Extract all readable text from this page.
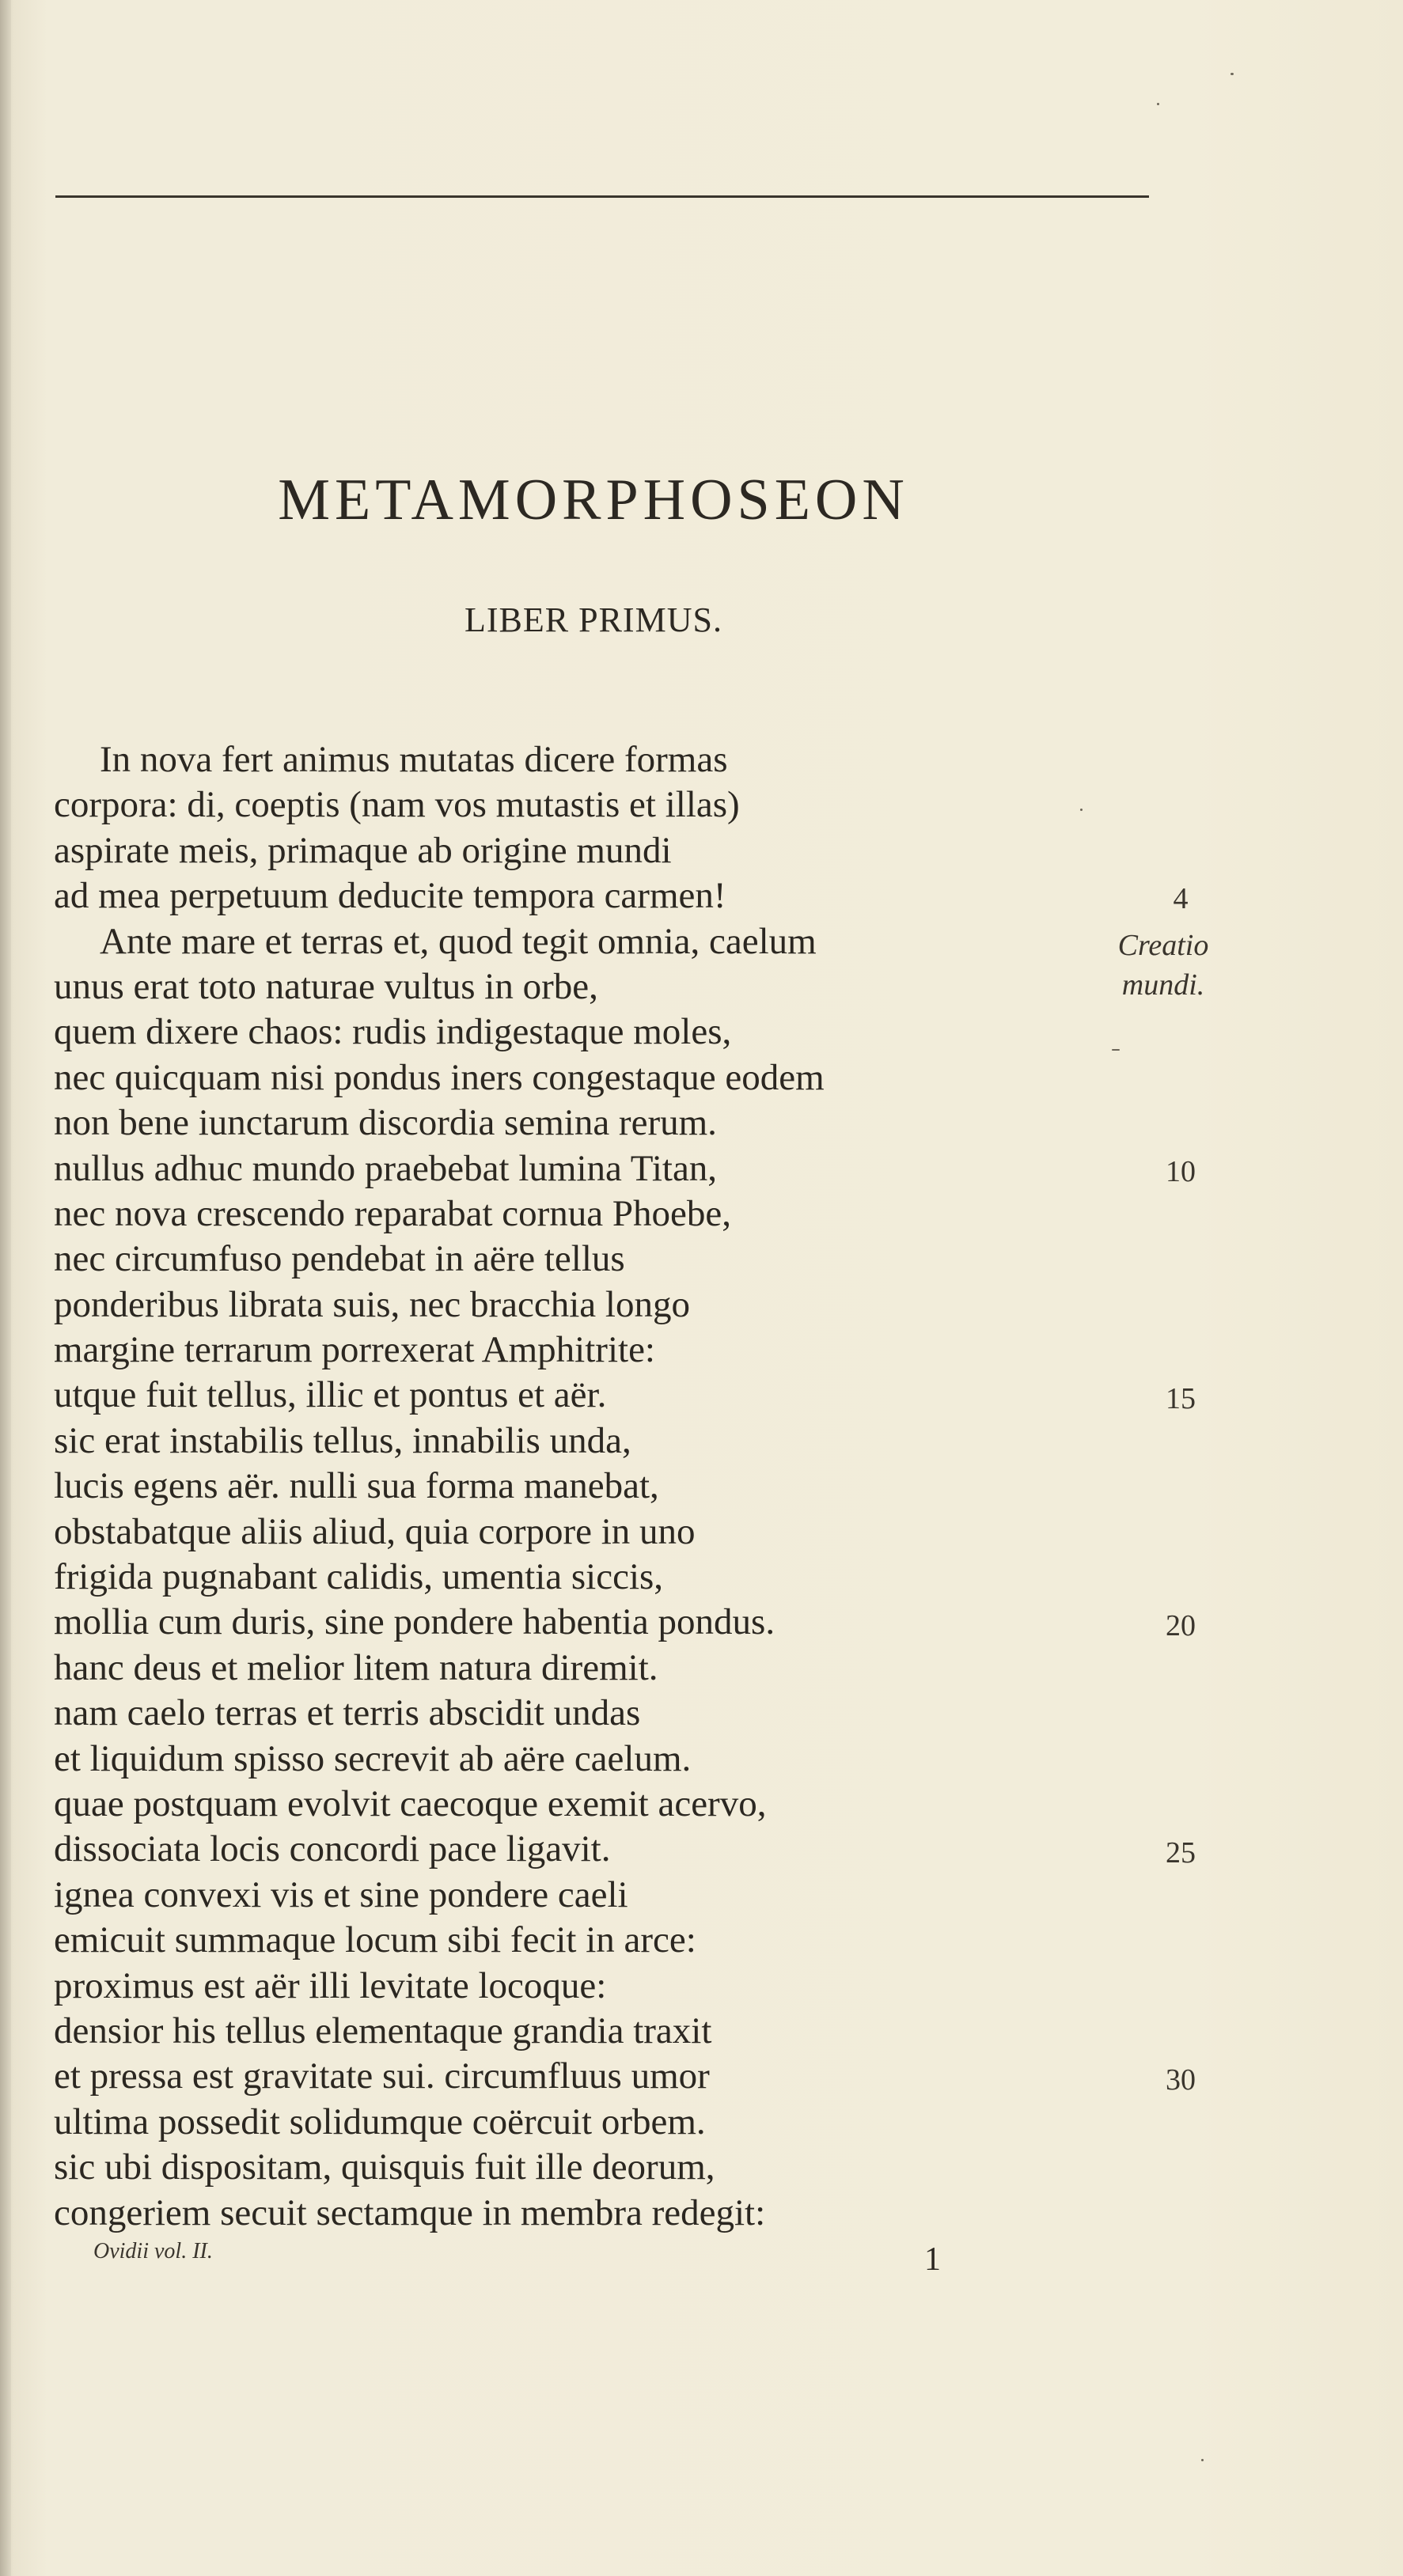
METAMORPHOSEON
LIBER PRIMUS.
In nova fert animus mutatas dicere formas
corpora: di, coeptis (nam vos mutastis et illas)
aspirate meis, primaque ab origine mundi
ad mea perpetuum deducite tempora carmen!
Ante mare et terras et, quod tegit omnia, caelum
unus erat toto naturae vultus in orbe,
quem dixere chaos: rudis indigestaque moles,
nec quicquam nisi pondus iners congestaque eodem
non bene iunctarum discordia semina rerum.
nullus adhuc mundo praebebat lumina Titan,
nec nova crescendo reparabat cornua Phoebe,
nec circumfuso pendebat in aëre tellus
ponderibus librata suis, nec bracchia longo
margine terrarum porrexerat Amphitrite:
utque fuit tellus, illic et pontus et aër.
sic erat instabilis tellus, innabilis unda,
lucis egens aër. nulli sua forma manebat,
obstabatque aliis aliud, quia corpore in uno
frigida pugnabant calidis, umentia siccis,
mollia cum duris, sine pondere habentia pondus.
hanc deus et melior litem natura diremit.
nam caelo terras et terris abscidit undas
et liquidum spisso secrevit ab aëre caelum.
quae postquam evolvit caecoque exemit acervo,
dissociata locis concordi pace ligavit.
ignea convexi vis et sine pondere caeli
emicuit summaque locum sibi fecit in arce:
proximus est aër illi levitate locoque:
densior his tellus elementaque grandia traxit
et pressa est gravitate sui. circumfluus umor
ultima possedit solidumque coërcuit orbem.
sic ubi dispositam, quisquis fuit ille deorum,
congeriem secuit sectamque in membra redegit:
4
10
15
20
25
30
Creatio
mundi.
Ovidii vol. II.	1
